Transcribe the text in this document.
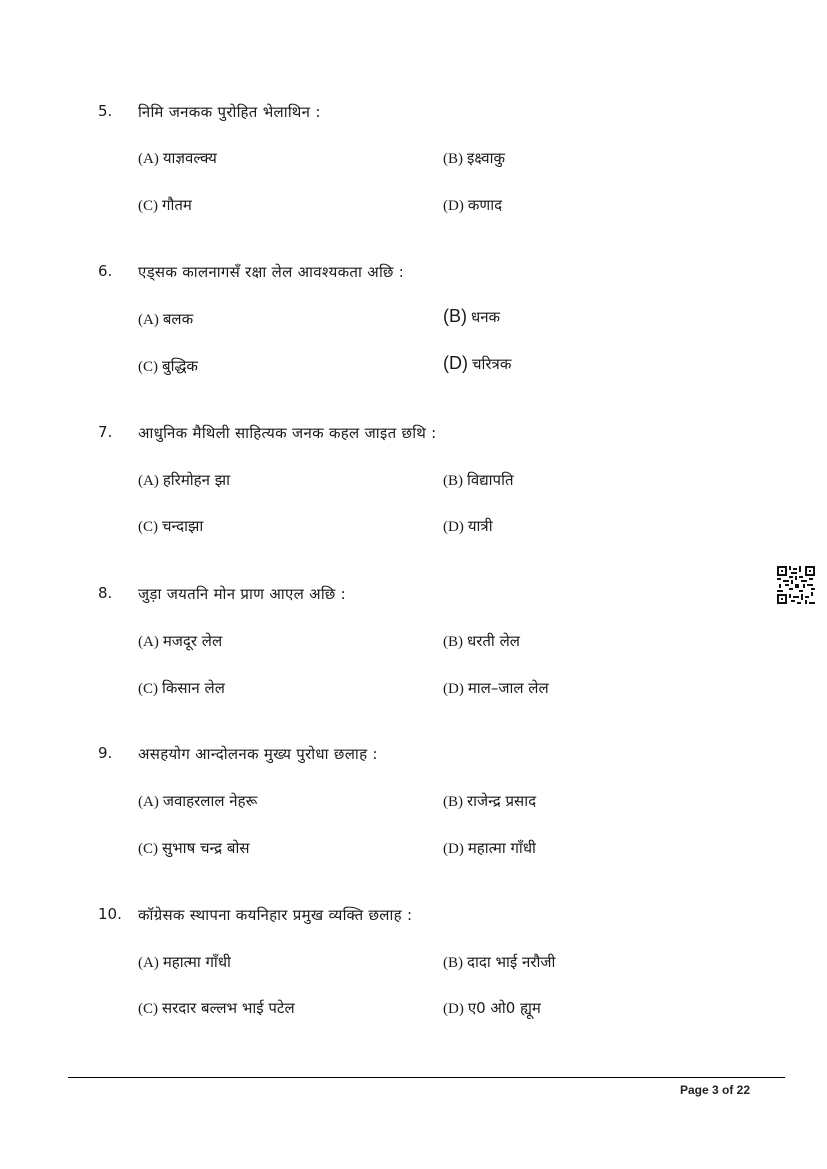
5. निमि जनकक पुरोहित भेलाथिन :
(A) याज्ञवल्क्य	(B) इक्ष्वाकु
(C) गौतम	(D) कणाद
6. एड्सक कालनागसँ रक्षा लेल आवश्यकता अछि :
(A) बलक	(B) धनक
(C) बुद्धिक	(D) चरित्रक
7. आधुनिक मैथिली साहित्यक जनक कहल जाइत छथि :
(A) हरिमोहन झा	(B) विद्यापति
(C) चन्दाझा	(D) यात्री
8. जुड़ा जयतनि मोन प्राण आएल अछि :
(A) मजदूर लेल	(B) धरती लेल
(C) किसान लेल	(D) माल–जाल लेल
9. असहयोग आन्दोलनक मुख्य पुरोधा छलाह :
(A) जवाहरलाल नेहरू	(B) राजेन्द्र प्रसाद
(C) सुभाष चन्द्र बोस	(D) महात्मा गाँधी
10. कॉग्रेसक स्थापना कयनिहार प्रमुख व्यक्ति छलाह :
(A) महात्मा गाँधी	(B) दादा भाई नरौजी
(C) सरदार बल्लभ भाई पटेल	(D) ए0 ओ0 ह्यूम
Page 3 of 22
